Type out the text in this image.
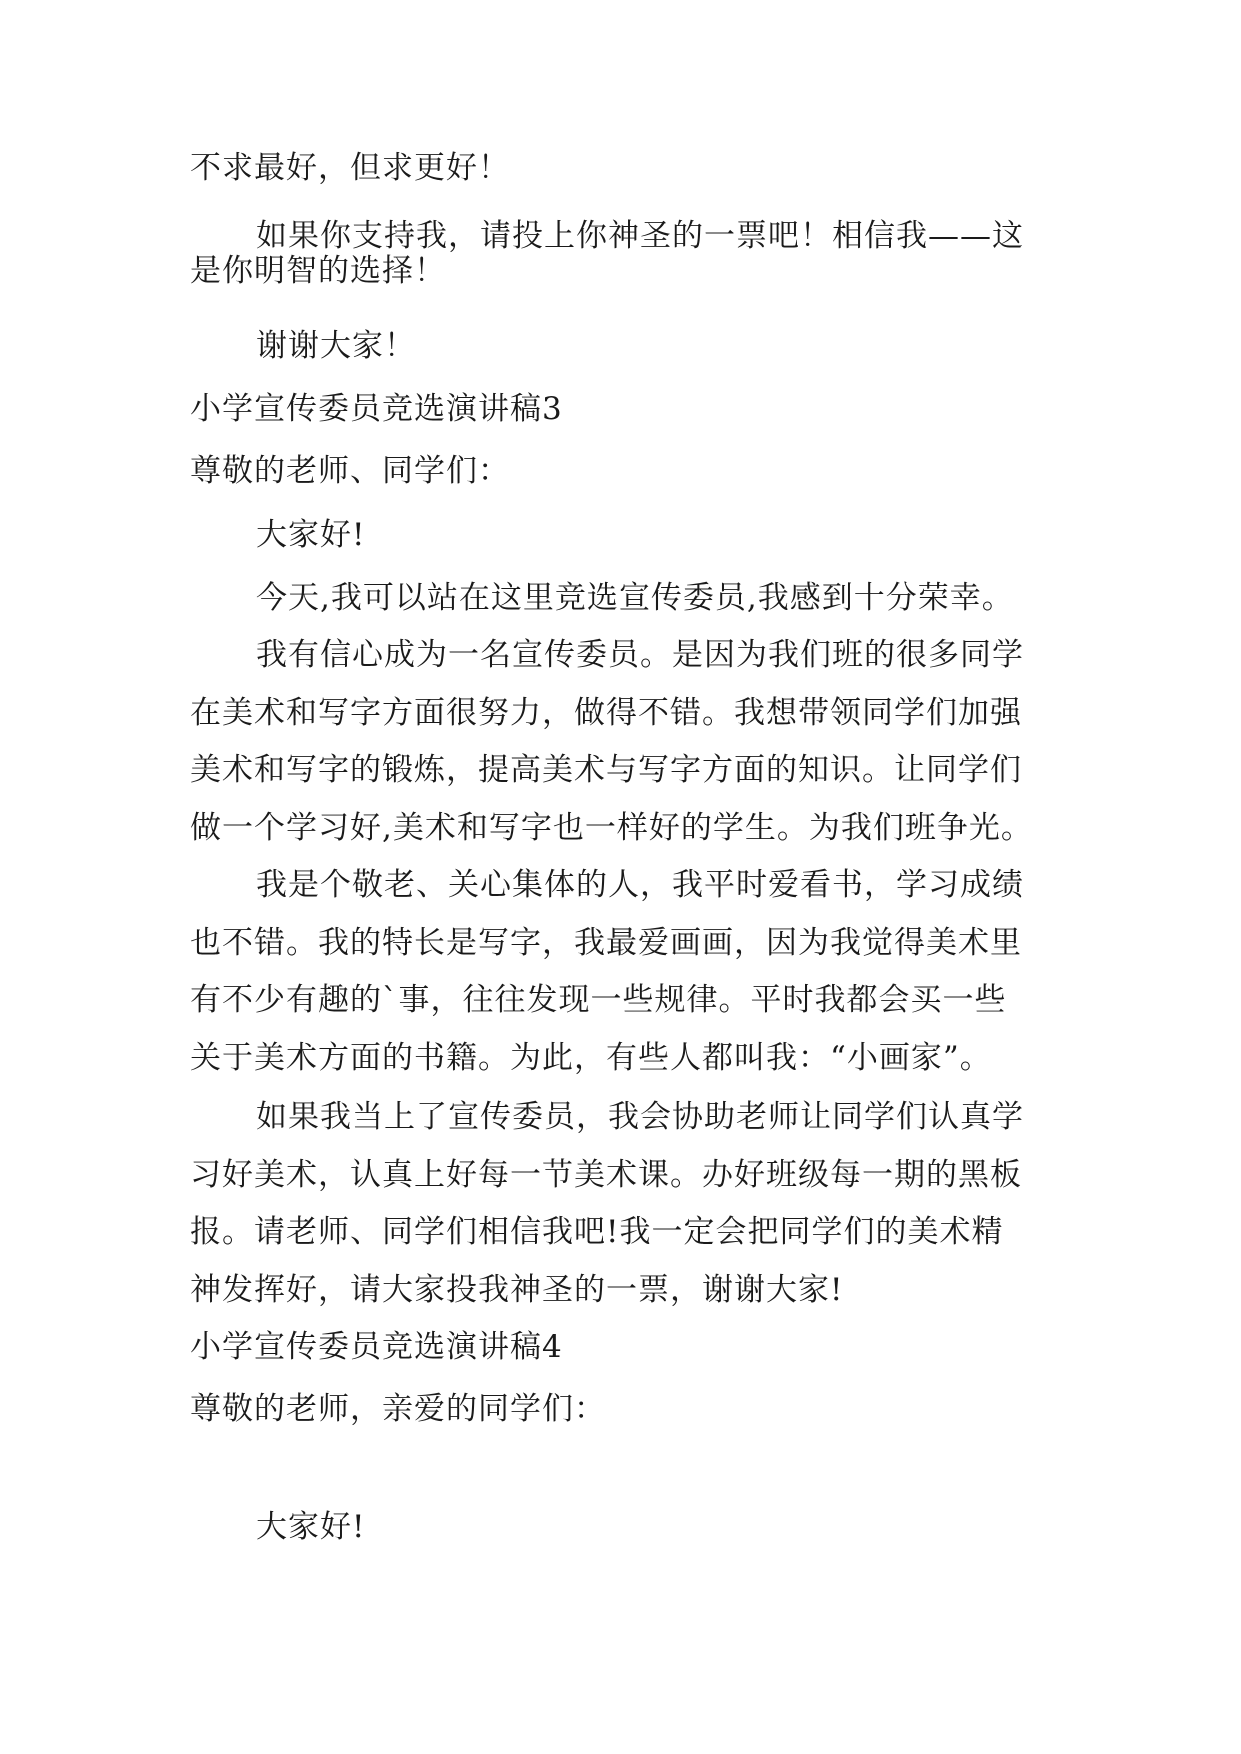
不求最好，但求更好！
如果你支持我，请投上你神圣的一票吧！相信我——这
是你明智的选择！
谢谢大家！
小学宣传委员竞选演讲稿3
尊敬的老师、同学们：
大家好!
今天,我可以站在这里竞选宣传委员,我感到十分荣幸。
我有信心成为一名宣传委员。是因为我们班的很多同学
在美术和写字方面很努力，做得不错。我想带领同学们加强
美术和写字的锻炼，提高美术与写字方面的知识。让同学们
做一个学习好,美术和写字也一样好的学生。为我们班争光。
我是个敬老、关心集体的人，我平时爱看书，学习成绩
也不错。我的特长是写字，我最爱画画，因为我觉得美术里
有不少有趣的`事，往往发现一些规律。平时我都会买一些
关于美术方面的书籍。为此，有些人都叫我：“小画家”。
如果我当上了宣传委员，我会协助老师让同学们认真学
习好美术，认真上好每一节美术课。办好班级每一期的黑板
报。请老师、同学们相信我吧!我一定会把同学们的美术精
神发挥好，请大家投我神圣的一票，谢谢大家!
小学宣传委员竞选演讲稿4
尊敬的老师，亲爱的同学们：
大家好!
